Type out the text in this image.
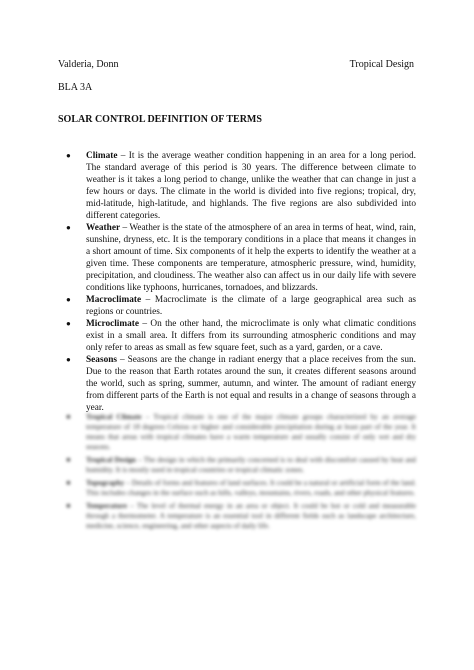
Valderia, Donn	Tropical Design
BLA 3A
SOLAR CONTROL DEFINITION OF TERMS
● Climate – It is the average weather condition happening in an area for a long period. The standard average of this period is 30 years. The difference between climate to weather is it takes a long period to change, unlike the weather that can change in just a few hours or days. The climate in the world is divided into five regions; tropical, dry, mid-latitude, high-latitude, and highlands. The five regions are also subdivided into different categories.
● Weather – Weather is the state of the atmosphere of an area in terms of heat, wind, rain, sunshine, dryness, etc. It is the temporary conditions in a place that means it changes in a short amount of time. Six components of it help the experts to identify the weather at a given time. These components are temperature, atmospheric pressure, wind, humidity, precipitation, and cloudiness. The weather also can affect us in our daily life with severe conditions like typhoons, hurricanes, tornadoes, and blizzards.
● Macroclimate – Macroclimate is the climate of a large geographical area such as regions or countries.
● Microclimate – On the other hand, the microclimate is only what climatic conditions exist in a small area. It differs from its surrounding atmospheric conditions and may only refer to areas as small as few square feet, such as a yard, garden, or a cave.
● Seasons – Seasons are the change in radiant energy that a place receives from the sun. Due to the reason that Earth rotates around the sun, it creates different seasons around the world, such as spring, summer, autumn, and winter. The amount of radiant energy from different parts of the Earth is not equal and results in a change of seasons through a year.
● Tropical Climate – Tropical climate is one of the major climate groups characterized by an average temperature of 18 degrees Celsius or higher and considerable precipitation during at least part of the year. It means that areas with tropical climates have a warm temperature and usually consist of only wet and dry seasons.
● Tropical Design – The design in which the primarily concerned is to deal with discomfort caused by heat and humidity. It is mostly used in tropical countries or tropical climatic zones.
● Topography – Details of forms and features of land surfaces. It could be a natural or artificial form of the land. This includes changes in the surface such as hills, valleys, mountains, rivers, roads, and other physical features.
● Temperature – The level of thermal energy in an area or object. It could be hot or cold and measurable through a thermometer. A temperature is an essential tool in different fields such as landscape architecture, medicine, science, engineering, and other aspects of daily life.
